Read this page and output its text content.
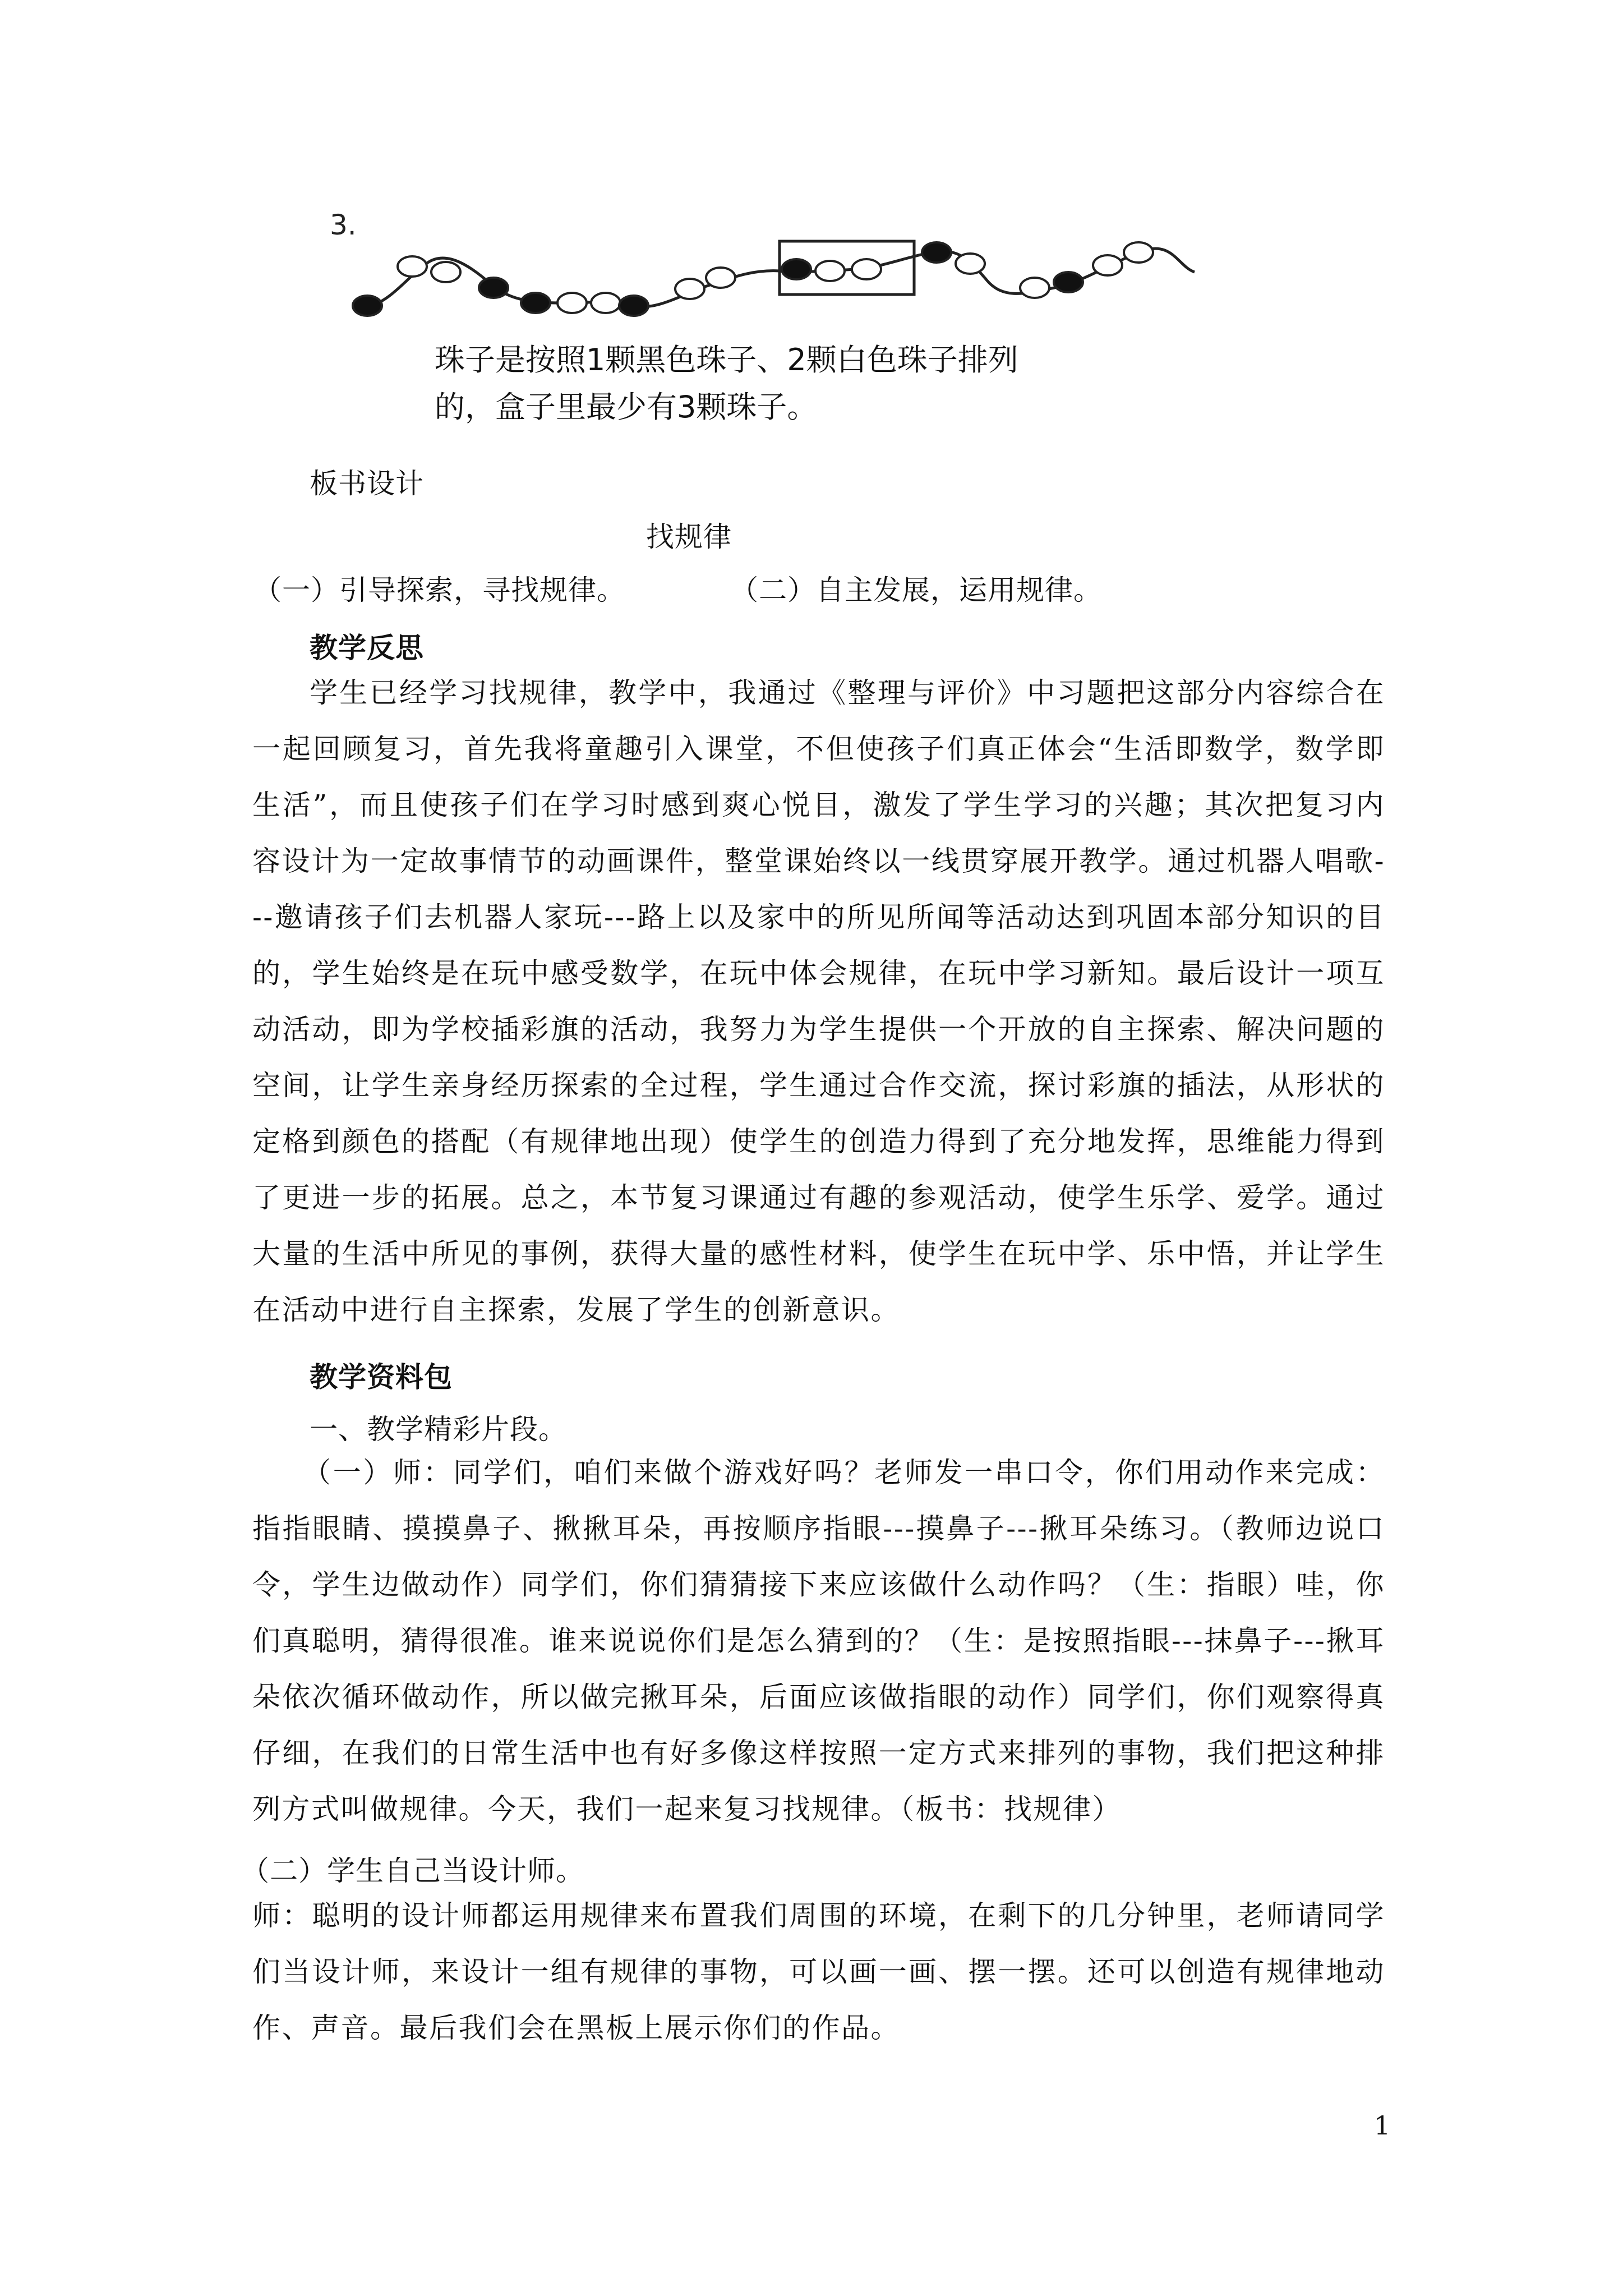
3.

珠子是按照1颗黑色珠子、2颗白色珠子排列
的，盒子里最少有3颗珠子。

板书设计

找规律

（一）引导探索，寻找规律。	（二）自主发展，运用规律。

教学反思

学生已经学习找规律，教学中，我通过《整理与评价》中习题把这部分内容综合在一起回顾复习，首先我将童趣引入课堂，不但使孩子们真正体会“生活即数学，数学即生活”，而且使孩子们在学习时感到爽心悦目，激发了学生学习的兴趣；其次把复习内容设计为一定故事情节的动画课件，整堂课始终以一线贯穿展开教学。通过机器人唱歌---邀请孩子们去机器人家玩---路上以及家中的所见所闻等活动达到巩固本部分知识的目的，学生始终是在玩中感受数学，在玩中体会规律，在玩中学习新知。最后设计一项互动活动，即为学校插彩旗的活动，我努力为学生提供一个开放的自主探索、解决问题的空间，让学生亲身经历探索的全过程，学生通过合作交流，探讨彩旗的插法，从形状的定格到颜色的搭配（有规律地出现）使学生的创造力得到了充分地发挥，思维能力得到了更进一步的拓展。总之，本节复习课通过有趣的参观活动，使学生乐学、爱学。通过大量的生活中所见的事例，获得大量的感性材料，使学生在玩中学、乐中悟，并让学生在活动中进行自主探索，发展了学生的创新意识。

教学资料包

一、教学精彩片段。

（一）师：同学们，咱们来做个游戏好吗？老师发一串口令，你们用动作来完成：指指眼睛、摸摸鼻子、揪揪耳朵，再按顺序指眼---摸鼻子---揪耳朵练习。（教师边说口令，学生边做动作）同学们，你们猜猜接下来应该做什么动作吗？（生：指眼）哇，你们真聪明，猜得很准。谁来说说你们是怎么猜到的？（生：是按照指眼---抹鼻子---揪耳朵依次循环做动作，所以做完揪耳朵，后面应该做指眼的动作）同学们，你们观察得真仔细，在我们的日常生活中也有好多像这样按照一定方式来排列的事物，我们把这种排列方式叫做规律。今天，我们一起来复习找规律。（板书：找规律）

（二）学生自己当设计师。

师：聪明的设计师都运用规律来布置我们周围的环境，在剩下的几分钟里，老师请同学们当设计师，来设计一组有规律的事物，可以画一画、摆一摆。还可以创造有规律地动作、声音。最后我们会在黑板上展示你们的作品。

1
